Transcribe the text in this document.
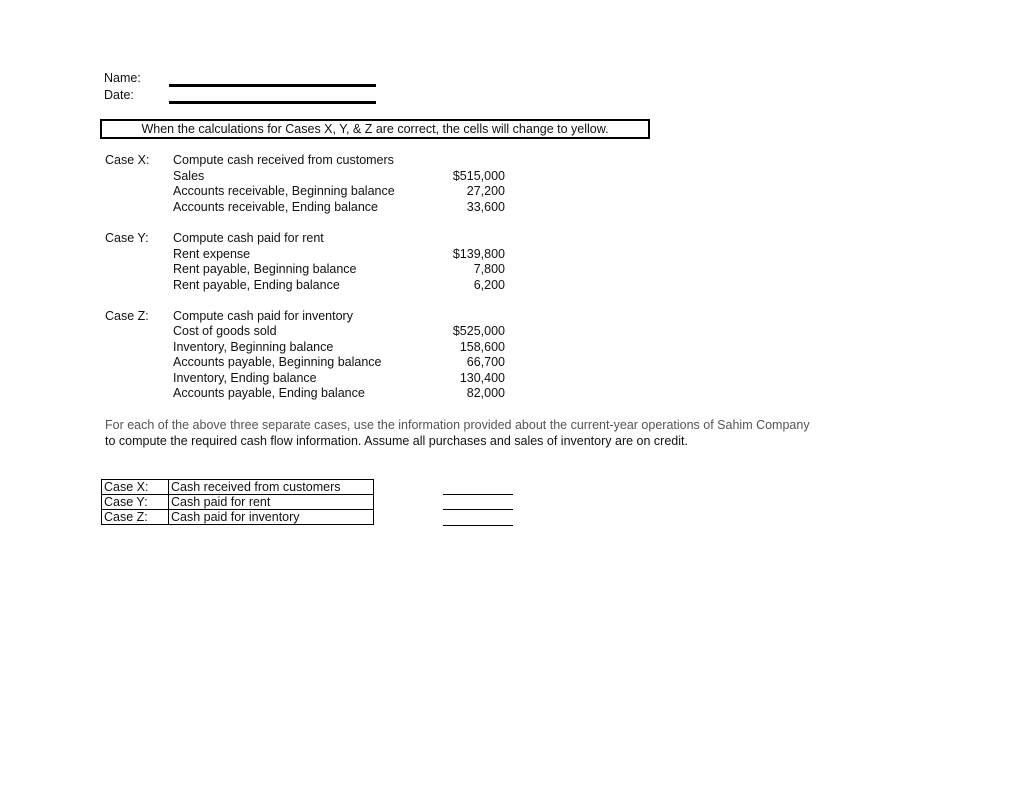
Name:
Date:
When the calculations for Cases X, Y, & Z are correct, the cells will change to yellow.
Case X: Compute cash received from customers
Sales	$515,000
Accounts receivable, Beginning balance	27,200
Accounts receivable, Ending balance	33,600
Case Y: Compute cash paid for rent
Rent expense	$139,800
Rent payable, Beginning balance	7,800
Rent payable, Ending balance	6,200
Case Z: Compute cash paid for inventory
Cost of goods sold	$525,000
Inventory, Beginning balance	158,600
Accounts payable, Beginning balance	66,700
Inventory, Ending balance	130,400
Accounts payable, Ending balance	82,000
For each of the above three separate cases, use the information provided about the current-year operations of Sahim Company
to compute the required cash flow information. Assume all purchases and sales of inventory are on credit.
Case X:	Cash received from customers
Case Y:	Cash paid for rent
Case Z:	Cash paid for inventory
